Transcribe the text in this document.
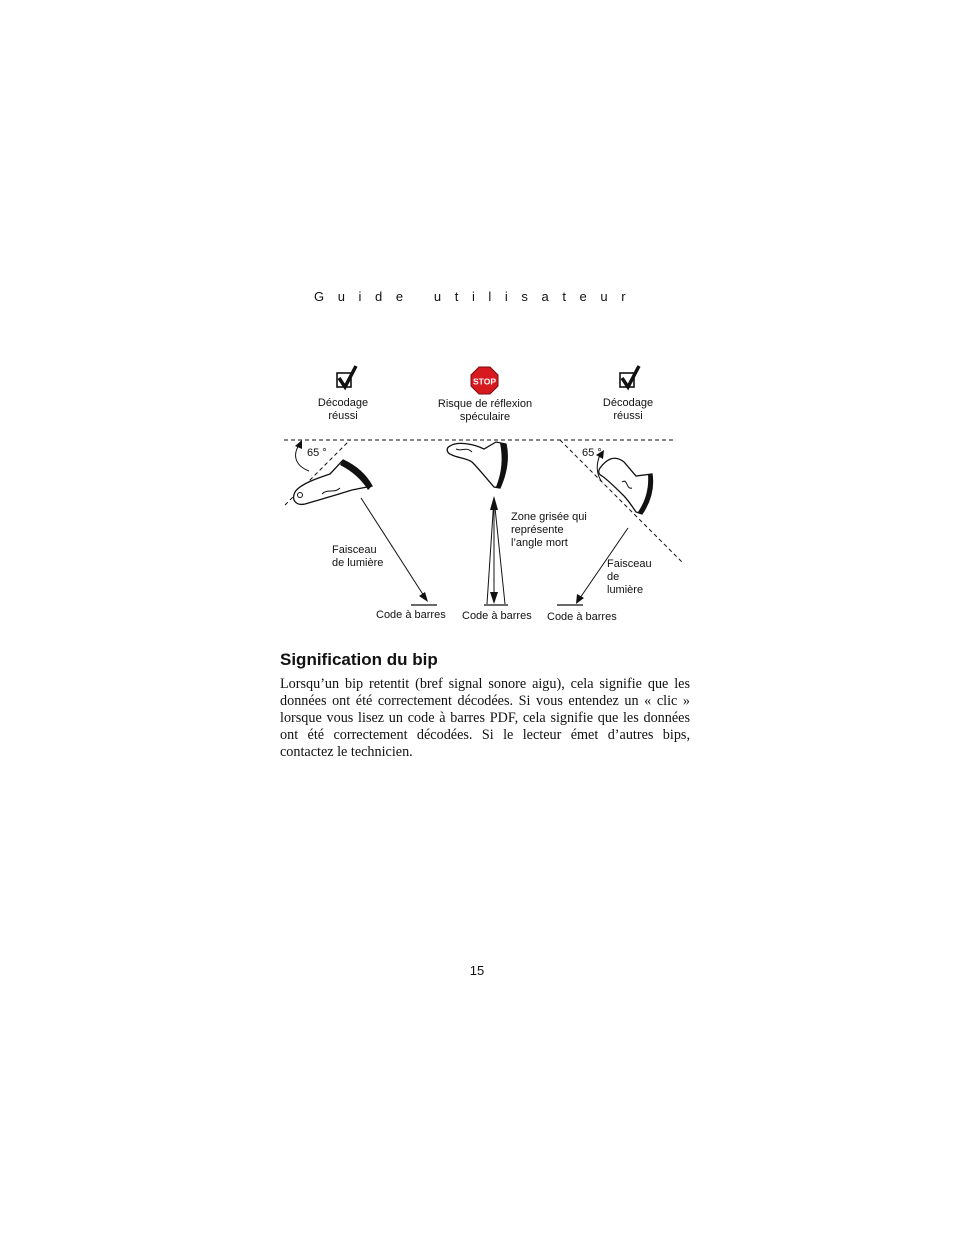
Guide utilisateur
STOP
Décodage
réussi
Risque de réflexion
spéculaire
Décodage
réussi
65 °	65 °
Faisceau
de lumière
Zone grisée qui
représente
l’angle mort
Faisceau
de
lumière
Code à barres Code à barres Code à barres
Signification du bip
Lorsqu’un bip retentit (bref signal sonore aigu), cela signifie que les données ont été correctement décodées. Si vous entendez un « clic » lorsque vous lisez un code à barres PDF, cela signifie que les données ont été correctement décodées. Si le lecteur émet d’autres bips, contactez le technicien.
15
